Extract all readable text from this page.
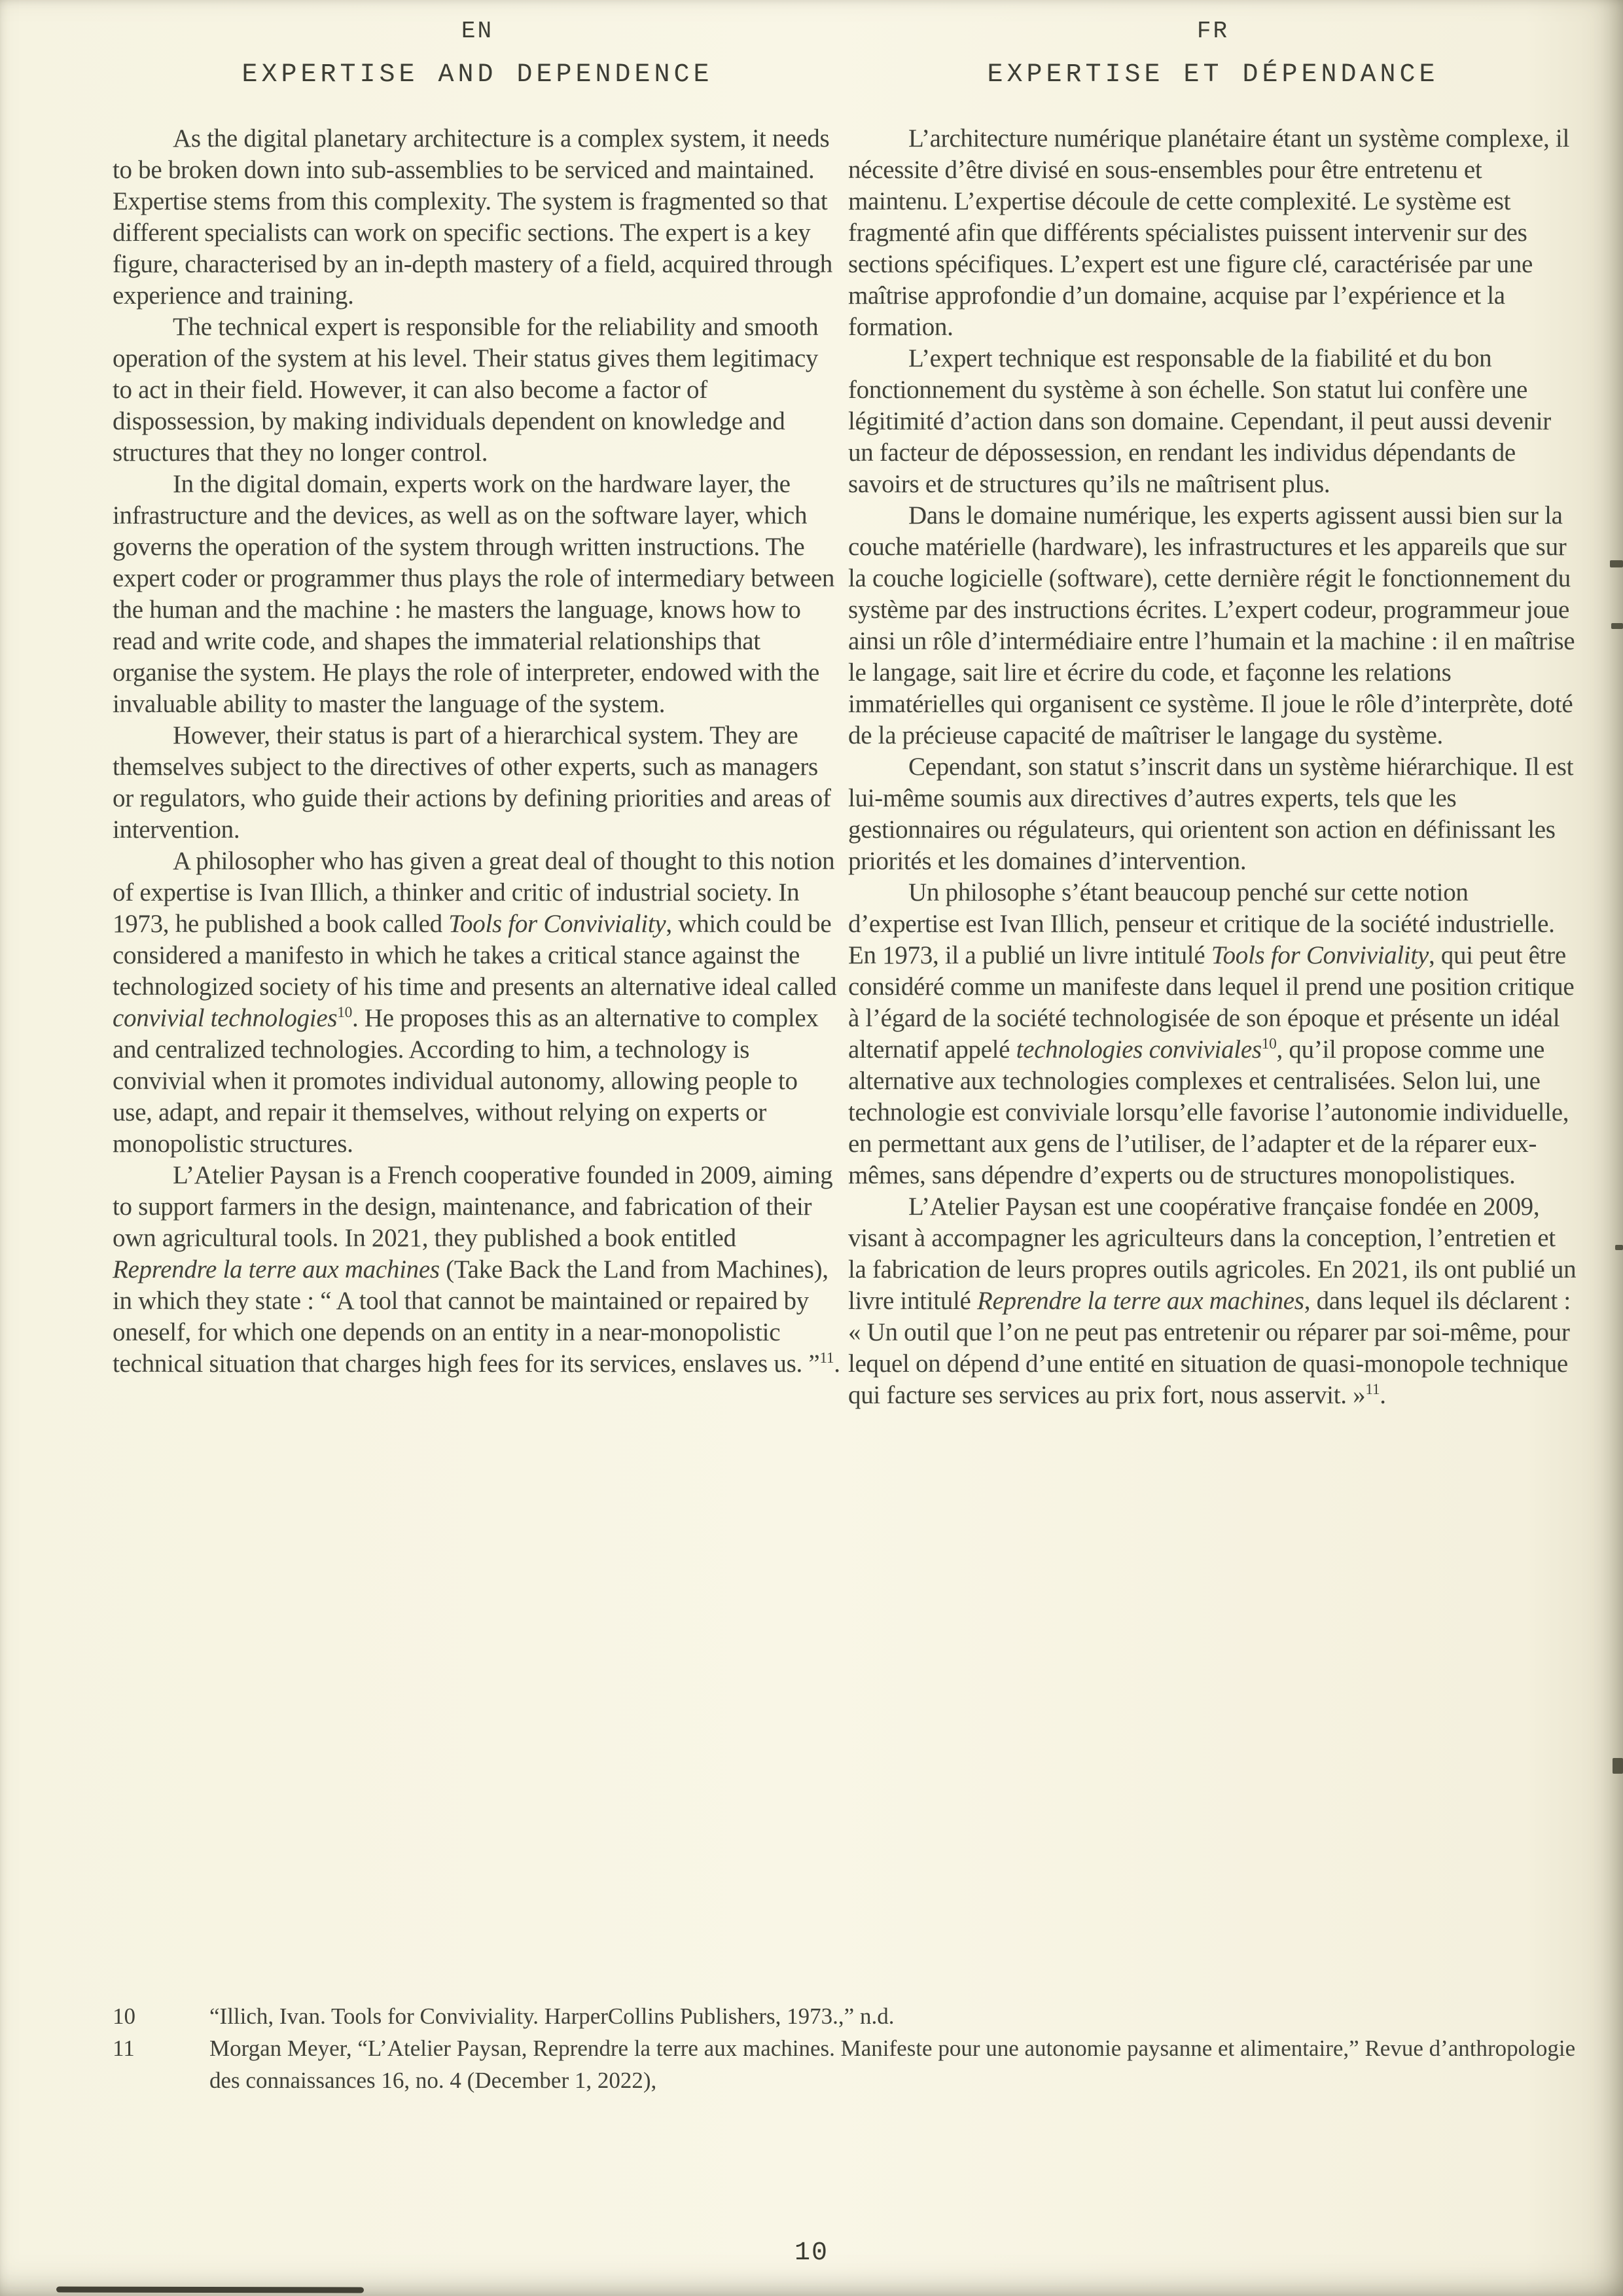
EN
EXPERTISE AND DEPENDENCE

As the digital planetary architecture is a complex system, it needs to be broken down into sub-assemblies to be serviced and maintained. Expertise stems from this complexity. The system is fragmented so that different specialists can work on specific sections. The expert is a key figure, characterised by an in-depth mastery of a field, acquired through experience and training.

The technical expert is responsible for the reliability and smooth operation of the system at his level. Their status gives them legitimacy to act in their field. However, it can also become a factor of dispossession, by making individuals dependent on knowledge and structures that they no longer control.

In the digital domain, experts work on the hardware layer, the infrastructure and the devices, as well as on the software layer, which governs the operation of the system through written instructions. The expert coder or programmer thus plays the role of intermediary between the human and the machine : he masters the language, knows how to read and write code, and shapes the immaterial relationships that organise the system. He plays the role of interpreter, endowed with the invaluable ability to master the language of the system.

However, their status is part of a hierarchical system. They are themselves subject to the directives of other experts, such as managers or regulators, who guide their actions by defining priorities and areas of intervention.

A philosopher who has given a great deal of thought to this notion of expertise is Ivan Illich, a thinker and critic of industrial society. In 1973, he published a book called Tools for Conviviality, which could be considered a manifesto in which he takes a critical stance against the technologized society of his time and presents an alternative ideal called convivial technologies$^{10}$. He proposes this as an alternative to complex and centralized technologies. According to him, a technology is convivial when it promotes individual autonomy, allowing people to use, adapt, and repair it themselves, without relying on experts or monopolistic structures.

L’Atelier Paysan is a French cooperative founded in 2009, aiming to support farmers in the design, maintenance, and fabrication of their own agricultural tools. In 2021, they published a book entitled Reprendre la terre aux machines (Take Back the Land from Machines), in which they state : “ A tool that cannot be maintained or repaired by oneself, for which one depends on an entity in a near-monopolistic technical situation that charges high fees for its services, enslaves us. ”$^{11}$.

FR
EXPERTISE ET DÉPENDANCE

L’architecture numérique planétaire étant un système complexe, il nécessite d’être divisé en sous-ensembles pour être entretenu et maintenu. L’expertise découle de cette complexité. Le système est fragmenté afin que différents spécialistes puissent intervenir sur des sections spécifiques. L’expert est une figure clé, caractérisée par une maîtrise approfondie d’un domaine, acquise par l’expérience et la formation.

L’expert technique est responsable de la fiabilité et du bon fonctionnement du système à son échelle. Son statut lui confère une légitimité d’action dans son domaine. Cependant, il peut aussi devenir un facteur de dépossession, en rendant les individus dépendants de savoirs et de structures qu’ils ne maîtrisent plus.

Dans le domaine numérique, les experts agissent aussi bien sur la couche matérielle (hardware), les infrastructures et les appareils que sur la couche logicielle (software), cette dernière régit le fonctionnement du système par des instructions écrites. L’expert codeur, programmeur joue ainsi un rôle d’intermédiaire entre l’humain et la machine : il en maîtrise le langage, sait lire et écrire du code, et façonne les relations immatérielles qui organisent ce système. Il joue le rôle d’interprète, doté de la précieuse capacité de maîtriser le langage du système.

Cependant, son statut s’inscrit dans un système hiérarchique. Il est lui-même soumis aux directives d’autres experts, tels que les gestionnaires ou régulateurs, qui orientent son action en définissant les priorités et les domaines d’intervention.

Un philosophe s’étant beaucoup penché sur cette notion d’expertise est Ivan Illich, penseur et critique de la société industrielle. En 1973, il a publié un livre intitulé Tools for Conviviality, qui peut être considéré comme un manifeste dans lequel il prend une position critique à l’égard de la société technologisée de son époque et présente un idéal alternatif appelé technologies conviviales$^{10}$, qu’il propose comme une alternative aux technologies complexes et centralisées. Selon lui, une technologie est conviviale lorsqu’elle favorise l’autonomie individuelle, en permettant aux gens de l’utiliser, de l’adapter et de la réparer eux-mêmes, sans dépendre d’experts ou de structures monopolistiques.

L’Atelier Paysan est une coopérative française fondée en 2009, visant à accompagner les agriculteurs dans la conception, l’entretien et la fabrication de leurs propres outils agricoles. En 2021, ils ont publié un livre intitulé Reprendre la terre aux machines, dans lequel ils déclarent : « Un outil que l’on ne peut pas entretenir ou réparer par soi-même, pour lequel on dépend d’une entité en situation de quasi-monopole technique qui facture ses services au prix fort, nous asservit. »$^{11}$.

10	“Illich, Ivan. Tools for Conviviality. HarperCollins Publishers, 1973.,” n.d.
11	Morgan Meyer, “L’Atelier Paysan, Reprendre la terre aux machines. Manifeste pour une autonomie paysanne et alimentaire,” Revue d’anthropologie des connaissances 16, no. 4 (December 1, 2022),
10
